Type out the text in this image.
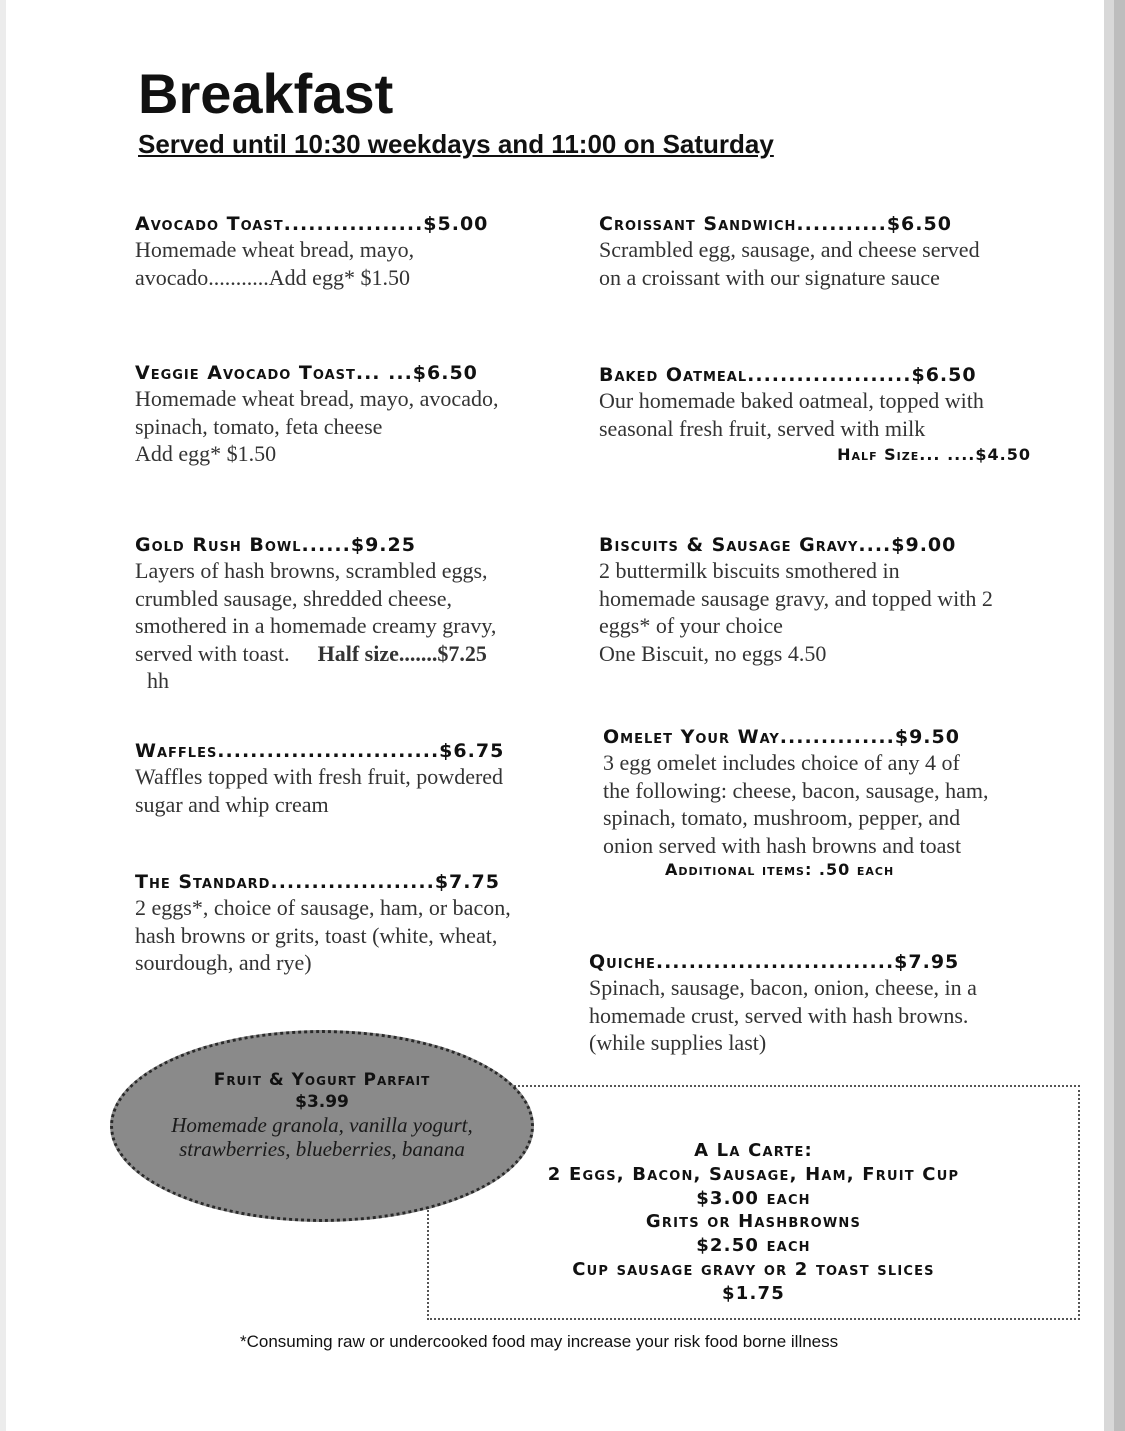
Breakfast
Served until 10:30 weekdays and 11:00 on Saturday
Avocado Toast.................$5.00
Homemade wheat bread, mayo,
avocado...........Add egg* $1.50
Veggie Avocado Toast... ...$6.50
Homemade wheat bread, mayo, avocado,
spinach, tomato, feta cheese
Add egg* $1.50
Gold Rush Bowl......$9.25
Layers of hash browns, scrambled eggs,
crumbled sausage, shredded cheese,
smothered in a homemade creamy gravy,
served with toast. Half size.......$7.25
hh
Waffles...........................$6.75
Waffles topped with fresh fruit, powdered
sugar and whip cream
The Standard....................$7.75
2 eggs*, choice of sausage, ham, or bacon,
hash browns or grits, toast (white, wheat,
sourdough, and rye)
Croissant Sandwich...........$6.50
Scrambled egg, sausage, and cheese served
on a croissant with our signature sauce
Baked Oatmeal....................$6.50
Our homemade baked oatmeal, topped with
seasonal fresh fruit, served with milk
Half Size... ....$4.50
Biscuits & Sausage Gravy....$9.00
2 buttermilk biscuits smothered in
homemade sausage gravy, and topped with 2
eggs* of your choice
One Biscuit, no eggs 4.50
Omelet Your Way..............$9.50
3 egg omelet includes choice of any 4 of
the following: cheese, bacon, sausage, ham,
spinach, tomato, mushroom, pepper, and
onion served with hash browns and toast
Additional items: .50 each
Quiche.............................$7.95
Spinach, sausage, bacon, onion, cheese, in a
homemade crust, served with hash browns.
(while supplies last)
A La Carte:
2 Eggs, Bacon, Sausage, Ham, Fruit Cup
$3.00 each
Grits or Hashbrowns
$2.50 each
Cup sausage gravy or 2 toast slices
$1.75
Fruit & Yogurt Parfait
$3.99
Homemade granola, vanilla yogurt,
strawberries, blueberries, banana

*Consuming raw or undercooked food may increase your risk food borne illness
